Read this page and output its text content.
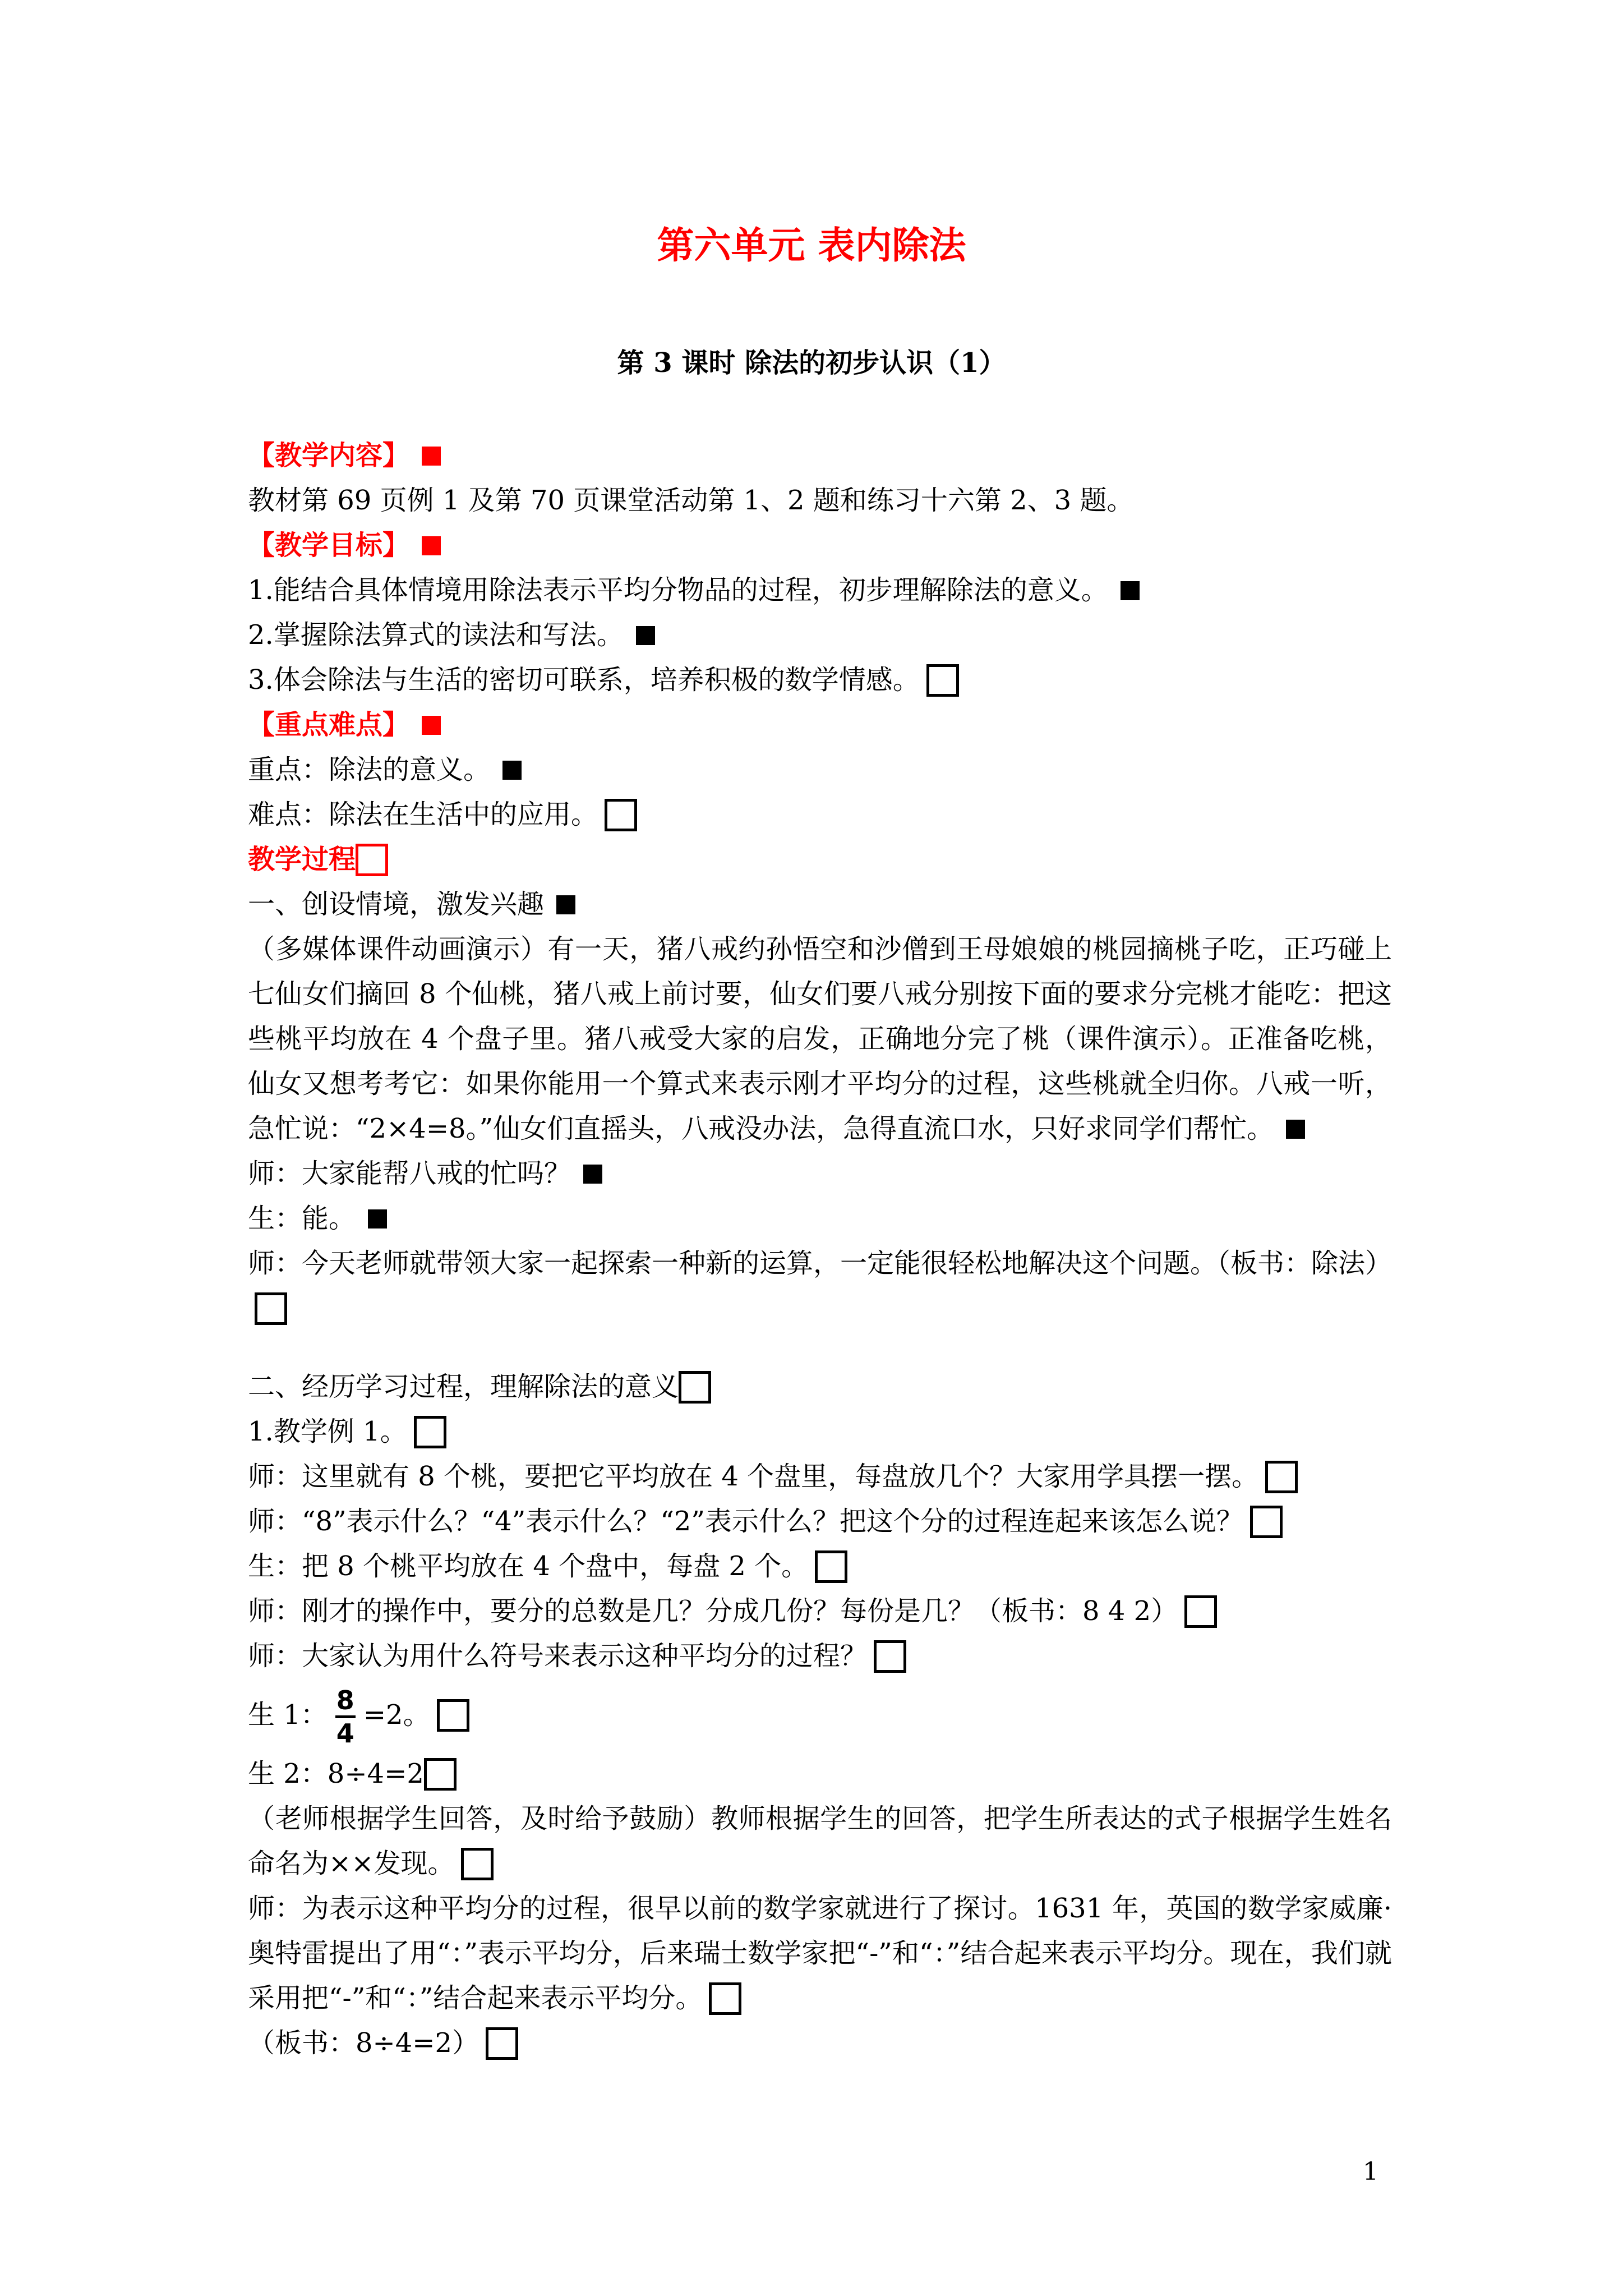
第六单元 表内除法
第 3 课时 除法的初步认识（1）
【教学内容】
教材第 69 页例 1 及第 70 页课堂活动第 1、2 题和练习十六第 2、3 题。
【教学目标】
1.能结合具体情境用除法表示平均分物品的过程，初步理解除法的意义。
2.掌握除法算式的读法和写法。
3.体会除法与生活的密切可联系，培养积极的数学情感。
【重点难点】
重点：除法的意义。
难点：除法在生活中的应用。
教学过程
一、创设情境，激发兴趣
（多媒体课件动画演示）有一天，猪八戒约孙悟空和沙僧到王母娘娘的桃园摘桃子吃，正巧碰上七仙女们摘回 8 个仙桃，猪八戒上前讨要，仙女们要八戒分别按下面的要求分完桃才能吃：把这些桃平均放在 4 个盘子里。猪八戒受大家的启发，正确地分完了桃（课件演示）。正准备吃桃，仙女又想考考它：如果你能用一个算式来表示刚才平均分的过程，这些桃就全归你。八戒一听，急忙说：“2×4=8。”仙女们直摇头，八戒没办法，急得直流口水，只好求同学们帮忙。
师：大家能帮八戒的忙吗？
生：能。
师：今天老师就带领大家一起探索一种新的运算，一定能很轻松地解决这个问题。（板书：除法）
二、经历学习过程，理解除法的意义
1.教学例 1。
师：这里就有 8 个桃，要把它平均放在 4 个盘里，每盘放几个？大家用学具摆一摆。
师：“8”表示什么？“4”表示什么？“2”表示什么？把这个分的过程连起来该怎么说？
生：把 8 个桃平均放在 4 个盘中，每盘 2 个。
师：刚才的操作中，要分的总数是几？分成几份？每份是几？（板书：8 4 2）
师：大家认为用什么符号来表示这种平均分的过程？
生 1： 8
4
=2。
生 2：8÷4=2
（老师根据学生回答，及时给予鼓励）教师根据学生的回答，把学生所表达的式子根据学生姓名命名为××发现。
师：为表示这种平均分的过程，很早以前的数学家就进行了探讨。1631 年，英国的数学家威廉·奥特雷提出了用“：”表示平均分，后来瑞士数学家把“-”和“：”结合起来表示平均分。现在，我们就采用把“-”和“：”结合起来表示平均分。
（板书：8÷4=2）
1
